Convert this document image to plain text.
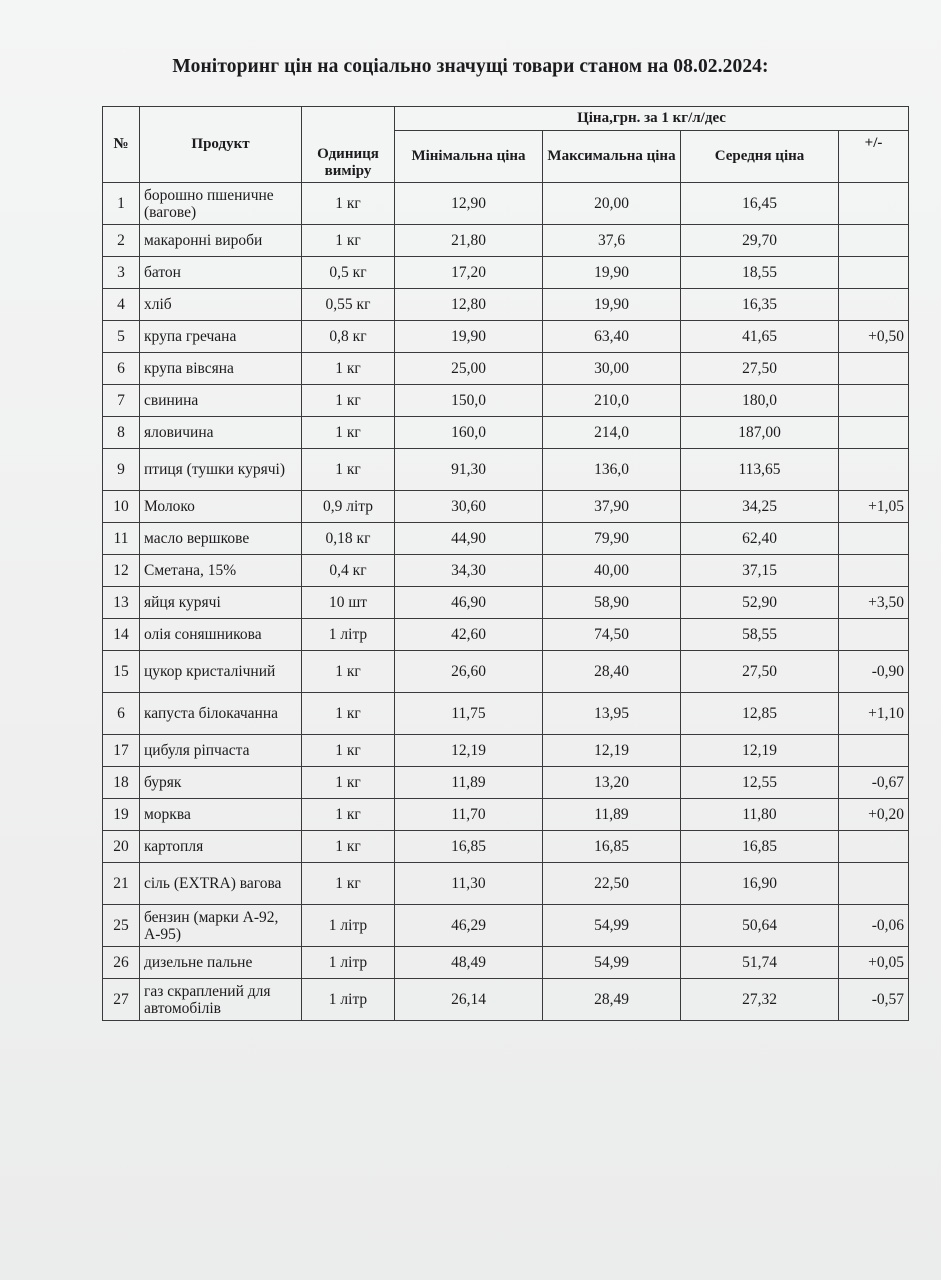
Моніторинг цін на соціально значущі товари станом на 08.02.2024:
№	Продукт	Одиниця виміру	Ціна,грн. за 1 кг/л/дес			
			Мінімальна ціна	Максимальна ціна	Середня ціна	+/-
1	борошно пшеничне (вагове)	1 кг	12,90	20,00	16,45	
2	макаронні вироби	1 кг	21,80	37,6	29,70	
3	батон	0,5 кг	17,20	19,90	18,55	
4	хліб	0,55 кг	12,80	19,90	16,35	
5	крупа гречана	0,8 кг	19,90	63,40	41,65	+0,50
6	крупа вівсяна	1 кг	25,00	30,00	27,50	
7	свинина	1 кг	150,0	210,0	180,0	
8	яловичина	1 кг	160,0	214,0	187,00	
9	птиця (тушки курячі)	1 кг	91,30	136,0	113,65	
10	Молоко	0,9 літр	30,60	37,90	34,25	+1,05
11	масло вершкове	0,18 кг	44,90	79,90	62,40	
12	Сметана, 15%	0,4 кг	34,30	40,00	37,15	
13	яйця курячі	10 шт	46,90	58,90	52,90	+3,50
14	олія соняшникова	1 літр	42,60	74,50	58,55	
15	цукор кристалічний	1 кг	26,60	28,40	27,50	-0,90
6	капуста білокачанна	1 кг	11,75	13,95	12,85	+1,10
17	цибуля ріпчаста	1 кг	12,19	12,19	12,19	
18	буряк	1 кг	11,89	13,20	12,55	-0,67
19	морква	1 кг	11,70	11,89	11,80	+0,20
20	картопля	1 кг	16,85	16,85	16,85	
21	сіль (EXTRA) вагова	1 кг	11,30	22,50	16,90	
25	бензин (марки А-92, А-95)	1 літр	46,29	54,99	50,64	-0,06
26	дизельне пальне	1 літр	48,49	54,99	51,74	+0,05
27	газ скраплений для автомобілів	1 літр	26,14	28,49	27,32	-0,57
